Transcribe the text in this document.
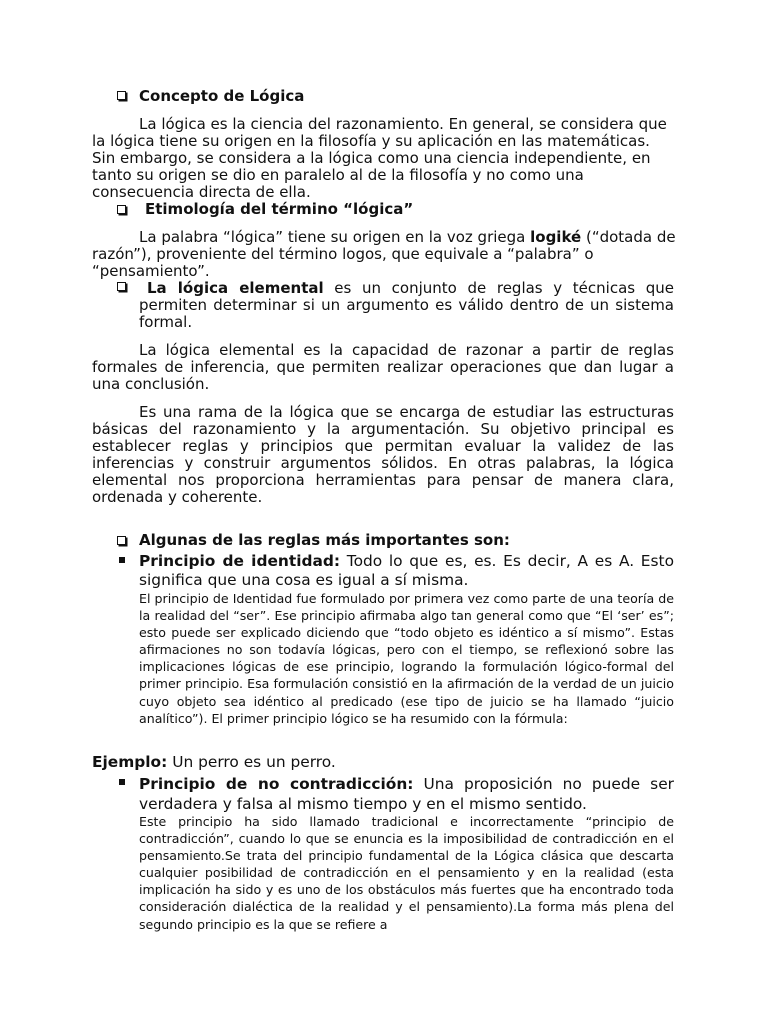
Concepto de Lógica
La lógica es la ciencia del razonamiento. En general, se considera que la lógica tiene su origen en la filosofía y su aplicación en las matemáticas. Sin embargo, se considera a la lógica como una ciencia independiente, en tanto su origen se dio en paralelo al de la filosofía y no como una consecuencia directa de ella.
Etimología del término “lógica”
La palabra “lógica” tiene su origen en la voz griega logiké (“dotada de razón”), proveniente del término logos, que equivale a “palabra” o “pensamiento”.
La lógica elemental es un conjunto de reglas y técnicas que permiten determinar si un argumento es válido dentro de un sistema formal.
La lógica elemental es la capacidad de razonar a partir de reglas formales de inferencia, que permiten realizar operaciones que dan lugar a una conclusión.
Es una rama de la lógica que se encarga de estudiar las estructuras básicas del razonamiento y la argumentación. Su objetivo principal es establecer reglas y principios que permitan evaluar la validez de las inferencias y construir argumentos sólidos. En otras palabras, la lógica elemental nos proporciona herramientas para pensar de manera clara, ordenada y coherente.
Algunas de las reglas más importantes son:
Principio de identidad: Todo lo que es, es. Es decir, A es A. Esto significa que una cosa es igual a sí misma.
El principio de Identidad fue formulado por primera vez como parte de una teoría de la realidad del “ser”. Ese principio afirmaba algo tan general como que “El ‘ser’ es”; esto puede ser explicado diciendo que “todo objeto es idéntico a sí mismo”. Estas afirmaciones no son todavía lógicas, pero con el tiempo, se reflexionó sobre las implicaciones lógicas de ese principio, logrando la formulación lógico-formal del primer principio. Esa formulación consistió en la afirmación de la verdad de un juicio cuyo objeto sea idéntico al predicado (ese tipo de juicio se ha llamado “juicio analítico”). El primer principio lógico se ha resumido con la fórmula:
Ejemplo: Un perro es un perro.
Principio de no contradicción: Una proposición no puede ser verdadera y falsa al mismo tiempo y en el mismo sentido.
Este principio ha sido llamado tradicional e incorrectamente “principio de contradicción”, cuando lo que se enuncia es la imposibilidad de contradicción en el pensamiento.Se trata del principio fundamental de la Lógica clásica que descarta cualquier posibilidad de contradicción en el pensamiento y en la realidad (esta implicación ha sido y es uno de los obstáculos más fuertes que ha encontrado toda consideración dialéctica de la realidad y el pensamiento).La forma más plena del segundo principio es la que se refiere a
